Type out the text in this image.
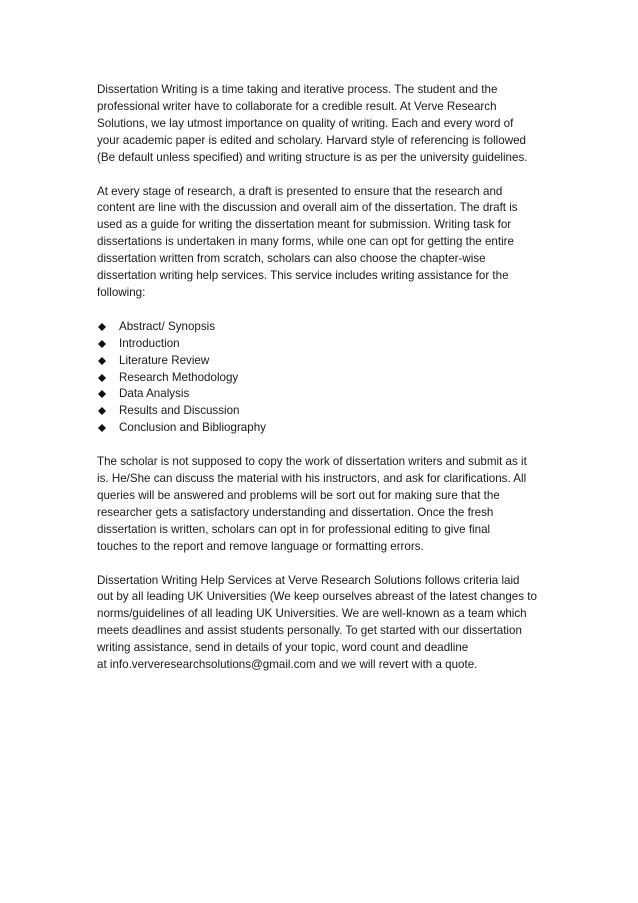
Dissertation Writing is a time taking and iterative process. The student and the
professional writer have to collaborate for a credible result. At Verve Research
Solutions, we lay utmost importance on quality of writing. Each and every word of
your academic paper is edited and scholary. Harvard style of referencing is followed
(Be default unless specified) and writing structure is as per the university guidelines.

At every stage of research, a draft is presented to ensure that the research and
content are line with the discussion and overall aim of the dissertation. The draft is
used as a guide for writing the dissertation meant for submission. Writing task for
dissertations is undertaken in many forms, while one can opt for getting the entire
dissertation written from scratch, scholars can also choose the chapter-wise
dissertation writing help services. This service includes writing assistance for the
following:

Abstract/ Synopsis
Introduction
Literature Review
Research Methodology
Data Analysis
Results and Discussion
Conclusion and Bibliography

The scholar is not supposed to copy the work of dissertation writers and submit as it
is. He/She can discuss the material with his instructors, and ask for clarifications. All
queries will be answered and problems will be sort out for making sure that the
researcher gets a satisfactory understanding and dissertation. Once the fresh
dissertation is written, scholars can opt in for professional editing to give final
touches to the report and remove language or formatting errors.

Dissertation Writing Help Services at Verve Research Solutions follows criteria laid
out by all leading UK Universities (We keep ourselves abreast of the latest changes to
norms/guidelines of all leading UK Universities. We are well-known as a team which
meets deadlines and assist students personally. To get started with our dissertation
writing assistance, send in details of your topic, word count and deadline
at info.ververesearchsolutions@gmail.com and we will revert with a quote.
